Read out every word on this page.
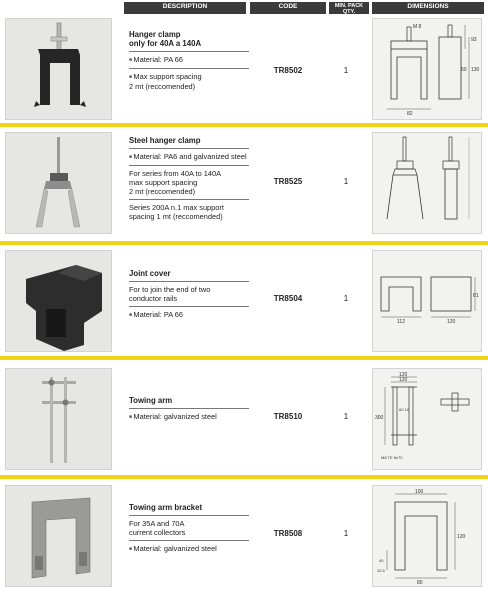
DESCRIPTION	CODE	MIN. PACK QTY.
DIMENSIONS
Hanger clamp
only for 40A a 140A

■ Material: PA 66

■ Max support spacing
2 mt (reccomended)

TR8502	1
M 8
93
60 130
82
Steel hanger clamp

■ Material: PA6 and galvanized steel

For series from 40A to 140A
max support spacing
2 mt (reccomended)

Series 200A n.1 max support
spacing 1 mt (reccomended)

TR8525	1
Joint cover

For to join the end of two
conductor rails

■ Material: PA 66

TR8504	1
112	120
81
Towing arm

■ Material: galvanized steel	TR8510	1
120
120
300
60 10
M8 TE 8x70
Towing arm bracket

For 35A and 70A
current collectors

■ Material: galvanized steel

TR8508	1
100
120
40
80
12.5
